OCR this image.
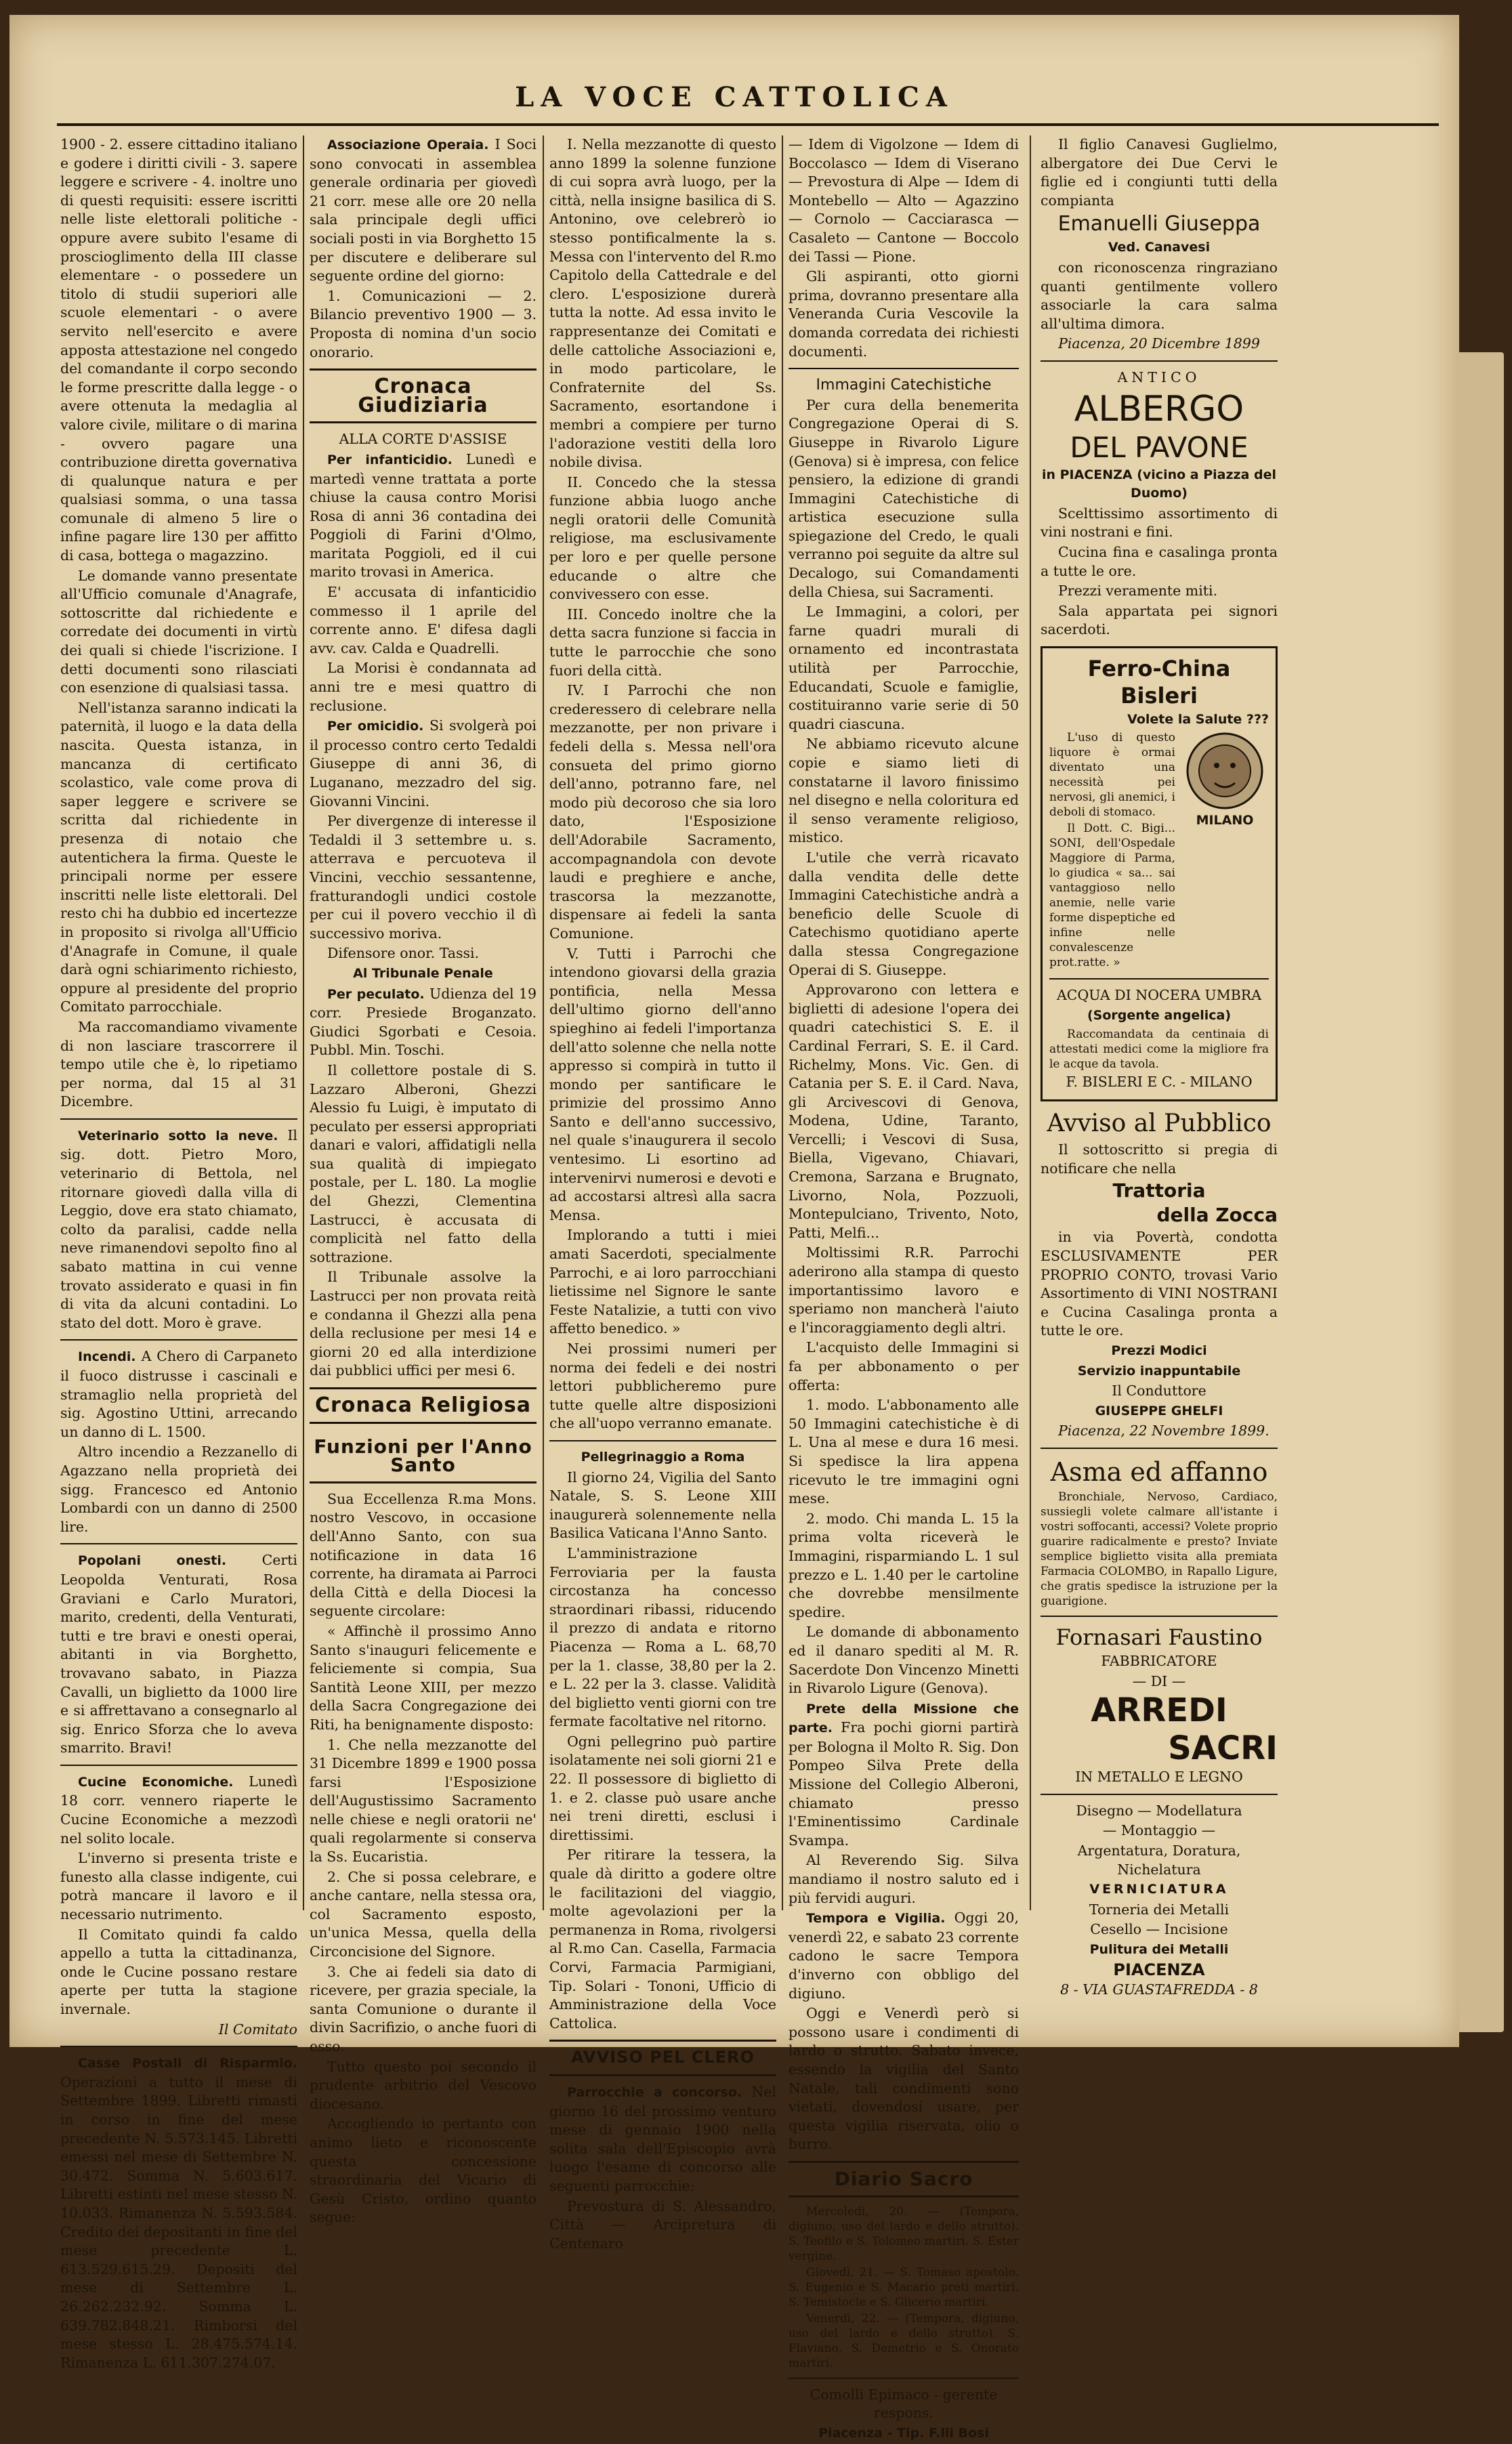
LA VOCE CATTOLICA

1900 - 2. essere cittadino italiano e godere i diritti civili - 3. sapere leggere e scrivere - 4. inoltre uno di questi requisiti: essere iscritti nelle liste elettorali politiche - oppure avere subito l'esame di proscioglimento della III classe elementare - o possedere un titolo di studii superiori alle scuole elementari - o avere servito nell'esercito e avere apposta attestazione nel congedo del comandante il corpo secondo le forme prescritte dalla legge - o avere ottenuta la medaglia al valore civile, militare o di marina - ovvero pagare una contribuzione diretta governativa di qualunque natura e per qualsiasi somma, o una tassa comunale di almeno 5 lire o infine pagare lire 130 per affitto di casa, bottega o magazzino.

Le domande vanno presentate all'Ufficio comunale d'Anagrafe, sottoscritte dal richiedente e corredate dei documenti in virtù dei quali si chiede l'iscrizione. I detti documenti sono rilasciati con esenzione di qualsiasi tassa.

Nell'istanza saranno indicati la paternità, il luogo e la data della nascita. Questa istanza, in mancanza di certificato scolastico, vale come prova di saper leggere e scrivere se scritta dal richiedente in presenza di notaio che autentichera la firma. Queste le principali norme per essere inscritti nelle liste elettorali. Del resto chi ha dubbio ed incertezze in proposito si rivolga all'Ufficio d'Anagrafe in Comune, il quale darà ogni schiarimento richiesto, oppure al presidente del proprio Comitato parrocchiale.

Ma raccomandiamo vivamente di non lasciare trascorrere il tempo utile che è, lo ripetiamo per norma, dal 15 al 31 Dicembre.

Veterinario sotto la neve. Il sig. dott. Pietro Moro, veterinario di Bettola, nel ritornare giovedì dalla villa di Leggio, dove era stato chiamato, colto da paralisi, cadde nella neve rimanendovi sepolto fino al sabato mattina in cui venne trovato assiderato e quasi in fin di vita da alcuni contadini. Lo stato del dott. Moro è grave.

Incendi. A Chero di Carpaneto il fuoco distrusse i cascinali e stramaglio nella proprietà del sig. Agostino Uttini, arrecando un danno di L. 1500.

Altro incendio a Rezzanello di Agazzano nella proprietà dei sigg. Francesco ed Antonio Lombardi con un danno di 2500 lire.

Popolani onesti.	Certi Leopolda Venturati, Rosa Graviani e Carlo Muratori, marito, credenti, della Venturati, tutti e tre bravi e onesti operai, abitanti in via Borghetto, trovavano sabato, in Piazza Cavalli, un biglietto da 1000 lire e si affrettavano a consegnarlo al sig. Enrico Sforza che lo aveva smarrito. Bravi!

Cucine Economiche. Lunedì 18 corr. vennero riaperte le Cucine Economiche a mezzodì nel solito locale.

L'inverno si presenta triste e funesto alla classe indigente, cui potrà mancare il lavoro e il necessario nutrimento.

Il Comitato quindi fa caldo appello a tutta la cittadinanza, onde le Cucine possano restare aperte per tutta la stagione invernale.

Il Comitato

Casse Postali di Risparmio. Operazioni a tutto il mese di Settembre 1899. Libretti rimasti in corso in fine del mese precedente N. 5.573.145. Libretti emessi nel mese di Settembre N. 30.472. Somma N. 5.603.617. Libretti estinti nel mese stesso N. 10.033. Rimanenza N. 5.593.584. Credito dei depositanti in fine del mese precedente L. 613.529.615.29. Depositi del mese di Settembre L. 26.262.232.92. Somma L. 639.782.848.21. Rimborsi del mese stesso L. 28.475.574.14. Rimanenza L. 611.307.274.07.

Associazione Operaia. I Soci sono convocati in assemblea generale ordinaria per giovedì 21 corr. mese alle ore 20 nella sala principale degli uffici sociali posti in via Borghetto 15 per discutere e deliberare sul seguente ordine del giorno:

1. Comunicazioni — 2. Bilancio preventivo 1900 — 3. Proposta di nomina d'un socio onorario.

Cronaca Giudiziaria

ALLA CORTE D'ASSISE

Per infanticidio. Lunedì e martedì venne trattata a porte chiuse la causa contro Morisi Rosa di anni 36 contadina dei Poggioli di Farini d'Olmo, maritata Poggioli, ed il cui marito trovasi in America.

E' accusata di infanticidio commesso il 1 aprile del corrente anno. E' difesa dagli avv. cav. Calda e Quadrelli.

La Morisi è condannata ad anni tre e mesi quattro di reclusione.

Per omicidio. Si svolgerà poi il processo contro certo Tedaldi Giuseppe di anni 36, di Luganano, mezzadro del sig. Giovanni Vincini.

Per divergenze di interesse il Tedaldi il 3 settembre u. s. atterrava e percuoteva il Vincini, vecchio sessantenne, fratturandogli undici costole per cui il povero vecchio il dì successivo moriva.

Difensore onor. Tassi.

Al Tribunale Penale

Per peculato. Udienza del 19 corr. Presiede Broganzato. Giudici Sgorbati e Cesoia. Pubbl. Min. Toschi.

Il collettore postale di S. Lazzaro Alberoni, Ghezzi Alessio fu Luigi, è imputato di peculato per essersi appropriati danari e valori, affidatigli nella sua qualità di impiegato postale, per L. 180. La moglie del Ghezzi, Clementina Lastrucci, è accusata di complicità nel fatto della sottrazione.

Il Tribunale assolve la Lastrucci per non provata reità e condanna il Ghezzi alla pena della reclusione per mesi 14 e giorni 20 ed alla interdizione dai pubblici uffici per mesi 6.

Cronaca Religiosa
Funzioni per l'Anno Santo

Sua Eccellenza R.ma Mons. nostro Vescovo, in occasione dell'Anno Santo, con sua notificazione in data 16 corrente, ha diramata ai Parroci della Città e della Diocesi la seguente circolare:

« Affinchè il prossimo Anno Santo s'inauguri felicemente e feliciemente si compia, Sua Santità Leone XIII, per mezzo della Sacra Congregazione dei Riti, ha benignamente disposto:

1. Che nella mezzanotte del 31 Dicembre 1899 e 1900 possa farsi l'Esposizione dell'Augustissimo Sacramento nelle chiese e negli oratorii ne' quali regolarmente si conserva la Ss. Eucaristia.

2. Che si possa celebrare, e anche cantare, nella stessa ora, col Sacramento esposto, un'unica Messa, quella della Circoncisione del Signore.

3. Che ai fedeli sia dato di ricevere, per grazia speciale, la santa Comunione o durante il divin Sacrifizio, o anche fuori di esso.

Tutto questo poi secondo il prudente arbitrio del Vescovo diocesano.

Accogliendo io pertanto con animo lieto e riconoscente questa concessione straordinaria del Vicario di Gesù Cristo, ordino quanto segue:

I. Nella mezzanotte di questo anno 1899 la solenne funzione di cui sopra avrà luogo, per la città, nella insigne basilica di S. Antonino, ove celebrerò io stesso pontificalmente la s. Messa con l'intervento del R.mo Capitolo della Cattedrale e del clero. L'esposizione durerà tutta la notte. Ad essa invito le rappresentanze dei Comitati e delle cattoliche Associazioni e, in modo particolare, le Confraternite del Ss. Sacramento, esortandone i membri a compiere per turno l'adorazione vestiti della loro nobile divisa.

II. Concedo che la stessa funzione abbia luogo anche negli oratorii delle Comunità religiose, ma esclusivamente per loro e per quelle persone educande o altre che convivessero con esse.

III. Concedo inoltre che la detta sacra funzione si faccia in tutte le parrocchie che sono fuori della città.

IV. I Parrochi che non crederessero di celebrare nella mezzanotte, per non privare i fedeli della s. Messa nell'ora consueta del primo giorno dell'anno, potranno fare, nel modo più decoroso che sia loro dato, l'Esposizione dell'Adorabile Sacramento, accompagnandola con devote laudi e preghiere e anche, trascorsa la mezzanotte, dispensare ai fedeli la santa Comunione.

V. Tutti i Parrochi che intendono giovarsi della grazia pontificia, nella Messa dell'ultimo giorno dell'anno spieghino ai fedeli l'importanza dell'atto solenne che nella notte appresso si compirà in tutto il mondo per santificare le primizie del prossimo Anno Santo e dell'anno successivo, nel quale s'inaugurera il secolo ventesimo. Li esortino ad intervenirvi numerosi e devoti e ad accostarsi altresì alla sacra Mensa.

Implorando a tutti i miei amati Sacerdoti, specialmente Parrochi, e ai loro parrocchiani lietissime nel Signore le sante Feste Natalizie, a tutti con vivo affetto benedico. »

Nei prossimi numeri per norma dei fedeli e dei nostri lettori pubblicheremo pure tutte quelle altre disposizioni che all'uopo verranno emanate.

Pellegrinaggio a Roma

Il giorno 24, Vigilia del Santo Natale, S. S. Leone XIII inaugurerà solennemente nella Basilica Vaticana l'Anno Santo.

L'amministrazione Ferroviaria per la fausta circostanza ha concesso straordinari ribassi, riducendo il prezzo di andata e ritorno Piacenza — Roma a L. 68,70 per la 1. classe, 38,80 per la 2. e L. 22 per la 3. classe. Validità del biglietto venti giorni con tre fermate facoltative nel ritorno.

Ogni pellegrino può partire isolatamente nei soli giorni 21 e 22. Il possessore di biglietto di 1. e 2. classe può usare anche nei treni diretti, esclusi i direttissimi.

Per ritirare la tessera, la quale dà diritto a godere oltre le facilitazioni del viaggio, molte agevolazioni per la permanenza in Roma, rivolgersi al R.mo Can. Casella, Farmacia Corvi, Farmacia Parmigiani, Tip. Solari - Tononi, Ufficio di Amministrazione della Voce Cattolica.

AVVISO PEL CLERO

Parrocchie a concorso. Nel giorno 16 del prossimo venturo mese di gennaio 1900 nella solita sala dell'Episcopio avrà luogo l'esame di concorso alle seguenti parrocchie:

Prevostura di S. Alessandro, Città — Arcipretura di Centenaro

— Idem di Vigolzone — Idem di Boccolasco — Idem di Viserano — Prevostura di Alpe — Idem di Montebello — Alto — Agazzino — Cornolo — Cacciarasca — Casaleto — Cantone — Boccolo dei Tassi — Pione.

Gli aspiranti, otto giorni prima, dovranno presentare alla Veneranda Curia Vescovile la domanda corredata dei richiesti documenti.

Immagini Catechistiche

Per cura della benemerita Congregazione Operai di S. Giuseppe in Rivarolo Ligure (Genova) si è impresa, con felice pensiero, la edizione di grandi Immagini Catechistiche di artistica esecuzione sulla spiegazione del Credo, le quali verranno poi seguite da altre sul Decalogo, sui Comandamenti della Chiesa, sui Sacramenti.

Le Immagini, a colori, per farne quadri murali di ornamento ed incontrastata utilità per Parrocchie, Educandati, Scuole e famiglie, costituiranno varie serie di 50 quadri ciascuna.

Ne abbiamo ricevuto alcune copie e siamo lieti di constatarne il lavoro finissimo nel disegno e nella coloritura ed il senso veramente religioso, mistico.

L'utile che verrà ricavato dalla vendita delle dette Immagini Catechistiche andrà a beneficio delle Scuole di Catechismo quotidiano aperte dalla stessa Congregazione Operai di S. Giuseppe.

Approvarono con lettera e biglietti di adesione l'opera dei quadri catechistici S. E. il Cardinal Ferrari, S. E. il Card. Richelmy, Mons. Vic. Gen. di Catania per S. E. il Card. Nava, gli Arcivescovi di Genova, Modena, Udine, Taranto, Vercelli; i Vescovi di Susa, Biella, Vigevano, Chiavari, Cremona, Sarzana e Brugnato, Livorno, Nola, Pozzuoli, Montepulciano, Trivento, Noto, Patti, Melfi...

Moltissimi R.R. Parrochi aderirono alla stampa di questo importantissimo lavoro e speriamo non mancherà l'aiuto e l'incoraggiamento degli altri.

L'acquisto delle Immagini si fa per abbonamento o per offerta:

1. modo. L'abbonamento alle 50 Immagini catechistiche è di L. Una al mese e dura 16 mesi. Si spedisce la lira appena ricevuto le tre immagini ogni mese.

2. modo. Chi manda L. 15 la prima volta riceverà le Immagini, risparmiando L. 1 sul prezzo e L. 1.40 per le cartoline che dovrebbe mensilmente spedire.

Le domande di abbonamento ed il danaro spediti al M. R. Sacerdote Don Vincenzo Minetti in Rivarolo Ligure (Genova).

Prete della Missione che parte. Fra pochi giorni partirà per Bologna il Molto R. Sig. Don Pompeo Silva Prete della Missione del Collegio Alberoni, chiamato presso l'Eminentissimo Cardinale Svampa.

Al Reverendo Sig. Silva mandiamo il nostro saluto ed i più fervidi auguri.

Tempora e Vigilia. Oggi 20, venerdì 22, e sabato 23 corrente cadono le sacre Tempora d'inverno con obbligo del digiuno.

Oggi e Venerdì però si possono usare i condimenti di lardo o strutto. Sabato invece, essendo la vigilia del Santo Natale, tali condimenti sono vietati, dovendosi usare, per questa vigilia riservata, olio o burro.

Diario Sacro

Mercoledì, 20. — (Tempora, digiuno, uso del lardo e dello strutto). S. Teofilo e S. Tolomeo martiri. S. Ester vergine.

Giovedì, 21. — S. Tomaso apostolo. S. Eugenio e S. Macario preti martiri. S. Temistocle e S. Glicerio martiri.

Venerdì, 22. — (Tempora, digiuno, uso del lardo e dello strutto). S. Flaviano, S. Demetrio e S. Onorato martiri.

Comolli Epimaco - gerente respons.

Piacenza - Tip. F.lli Bosi

Il figlio Canavesi Guglielmo, albergatore dei Due Cervi le figlie ed i congiunti tutti della compianta

Emanuelli Giuseppa

Ved. Canavesi

con riconoscenza ringraziano quanti gentilmente vollero associarle la cara salma all'ultima dimora.

Piacenza, 20 Dicembre 1899

ANTICO

ALBERGO

DEL PAVONE

in PIACENZA (vicino a Piazza del Duomo)

Scelttissimo assortimento di vini nostrani e fini.

Cucina fina e casalinga pronta a tutte le ore.

Prezzi veramente miti.

Sala appartata pei signori sacerdoti.

Ferro-China Bisleri

Volete la Salute ???

L'uso di questo liquore è ormai diventato una necessità pei nervosi, gli anemici, i deboli di stomaco.

Il Dott. C. Bigi... SONI, dell'Ospedale Maggiore di Parma, lo giudica « sa... sai vantaggioso nello anemie, nelle varie forme dispeptiche ed infine nelle convalescenze prot.ratte. »

MILANO

ACQUA DI NOCERA UMBRA

(Sorgente angelica)

Raccomandata da centinaia di attestati medici come la migliore fra le acque da tavola.

F. BISLERI E C. - MILANO

Avviso al Pubblico

Il sottoscritto si pregia di notificare che nella

Trattoria

della Zocca

in via Povertà, condotta ESCLUSIVAMENTE PER PROPRIO CONTO, trovasi Vario Assortimento di VINI NOSTRANI e Cucina Casalinga pronta a tutte le ore.

Prezzi Modici

Servizio inappuntabile

Il Conduttore

GIUSEPPE GHELFI

Piacenza, 22 Novembre 1899.

Asma ed affanno

Bronchiale, Nervoso, Cardiaco, sussiegli volete calmare all'istante i vostri soffocanti, accessi? Volete proprio guarire radicalmente e presto? Inviate semplice biglietto visita alla premiata Farmacia COLOMBO, in Rapallo Ligure, che gratis spedisce la istruzione per la guarigione.

Fornasari Faustino

FABBRICATORE

— DI —

ARREDI

SACRI

IN METALLO E LEGNO

Disegno — Modellatura

— Montaggio —

Argentatura, Doratura, Nichelatura

VERNICIATURA

Torneria dei Metalli

Cesello — Incisione

Pulitura dei Metalli

PIACENZA

8 - VIA GUASTAFREDDA - 8
